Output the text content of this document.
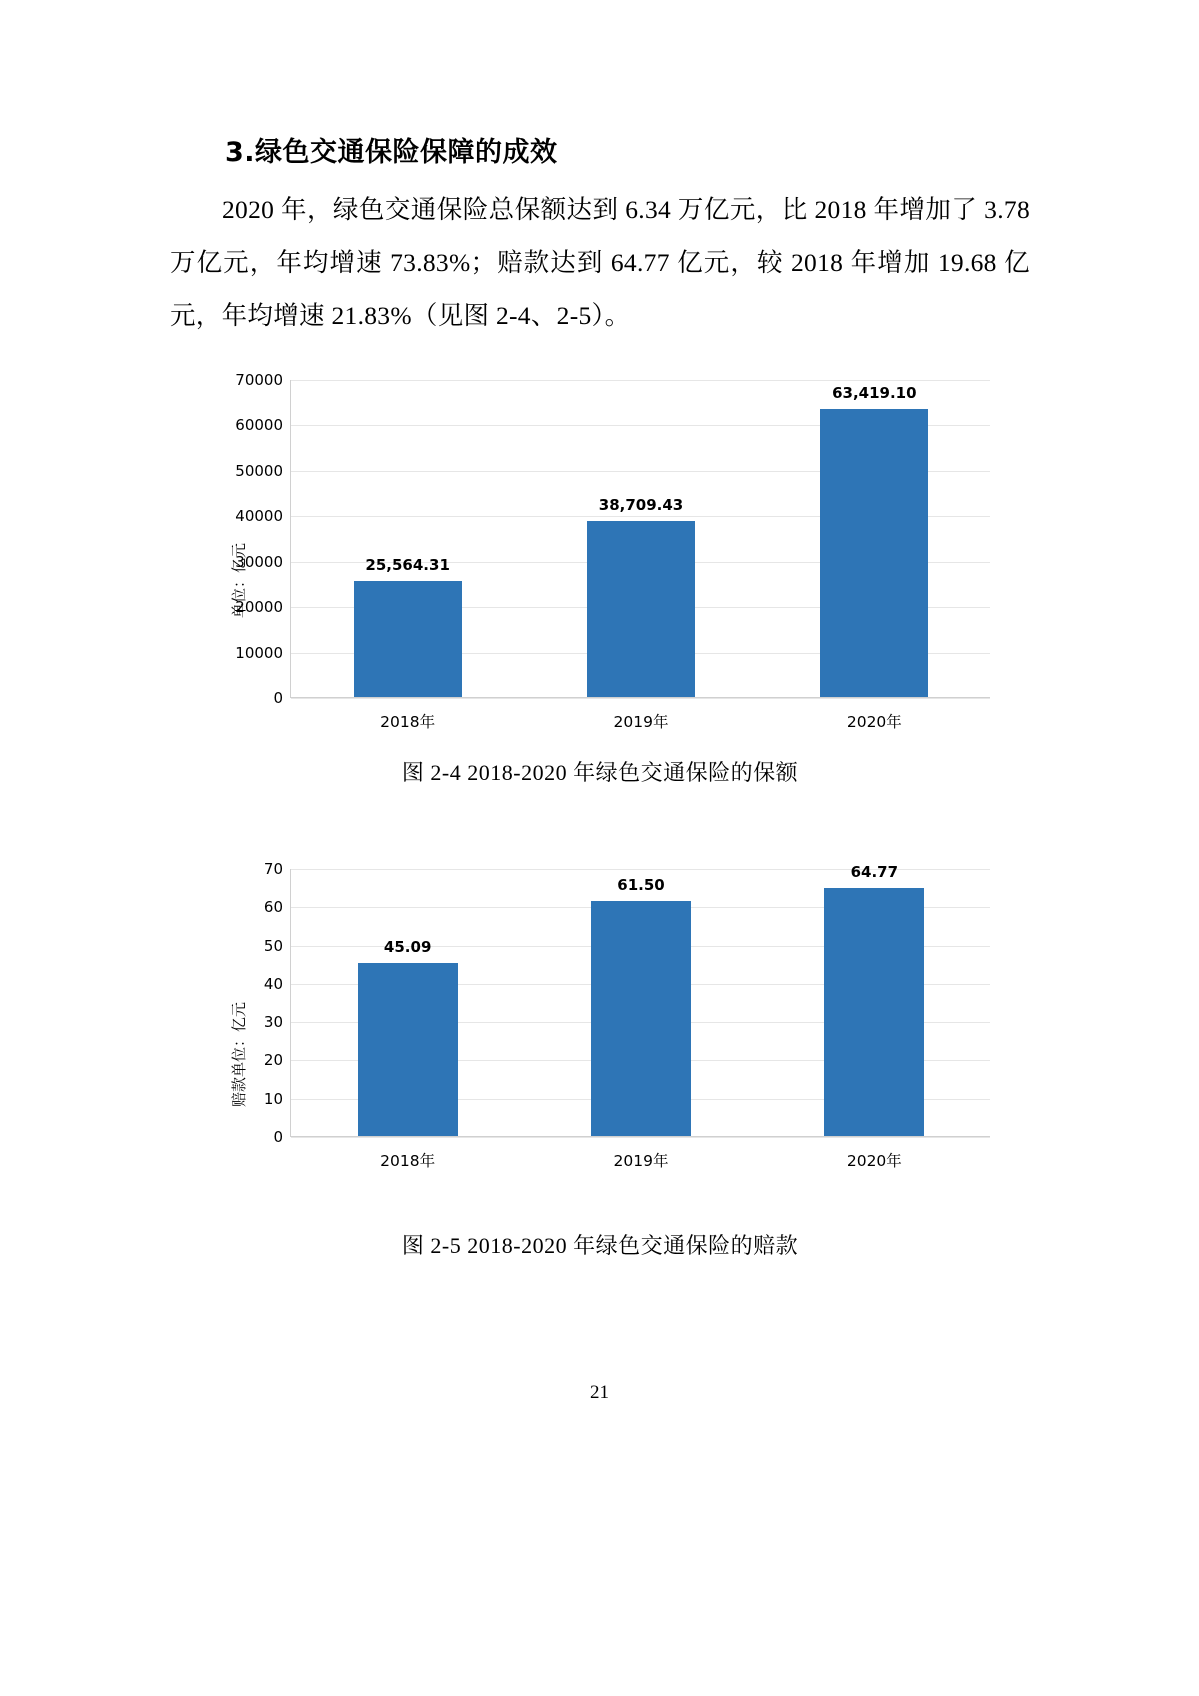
3.绿色交通保险保障的成效

2020 年，绿色交通保险总保额达到 6.34 万亿元，比 2018 年增加了 3.78 万亿元，年均增速 73.83%；赔款达到 64.77 亿元，较 2018 年增加 19.68 亿元，年均增速 21.83%（见图 2-4、2-5）。

单位：亿元
0
10000
20000
30000
40000
50000
60000
70000
25,564.31
2018年
38,709.43
2019年
63,419.10
2020年
图 2-4 2018-2020 年绿色交通保险的保额
赔款单位：亿元
0
10
20
30
40
50
60
70
45.09
2018年
61.50
2019年
64.77
2020年
图 2-5 2018-2020 年绿色交通保险的赔款
21
